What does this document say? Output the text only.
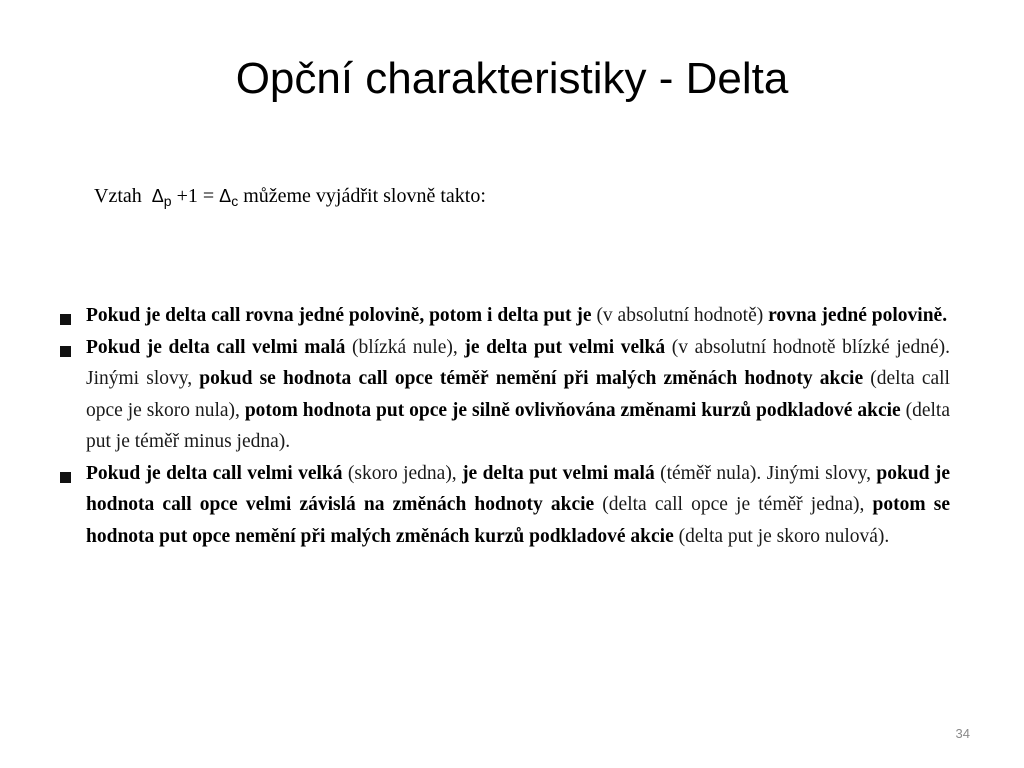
Opční charakteristiky - Delta
Vztah $\Delta_p +1 = \Delta_c$ můžeme vyjádřit slovně takto:
Pokud je delta call rovna jedné polovině, potom i delta put je (v absolutní hodnotě) rovna jedné polovině.
Pokud je delta call velmi malá (blízká nule), je delta put velmi velká (v absolutní hodnotě blízké jedné). Jinými slovy, pokud se hodnota call opce téměř nemění při malých změnách hodnoty akcie (delta call opce je skoro nula), potom hodnota put opce je silně ovlivňována změnami kurzů podkladové akcie (delta put je téměř minus jedna).
Pokud je delta call velmi velká (skoro jedna), je delta put velmi malá (téměř nula). Jinými slovy, pokud je hodnota call opce velmi závislá na změnách hodnoty akcie (delta call opce je téměř jedna), potom se hodnota put opce nemění při malých změnách kurzů podkladové akcie (delta put je skoro nulová).
34
